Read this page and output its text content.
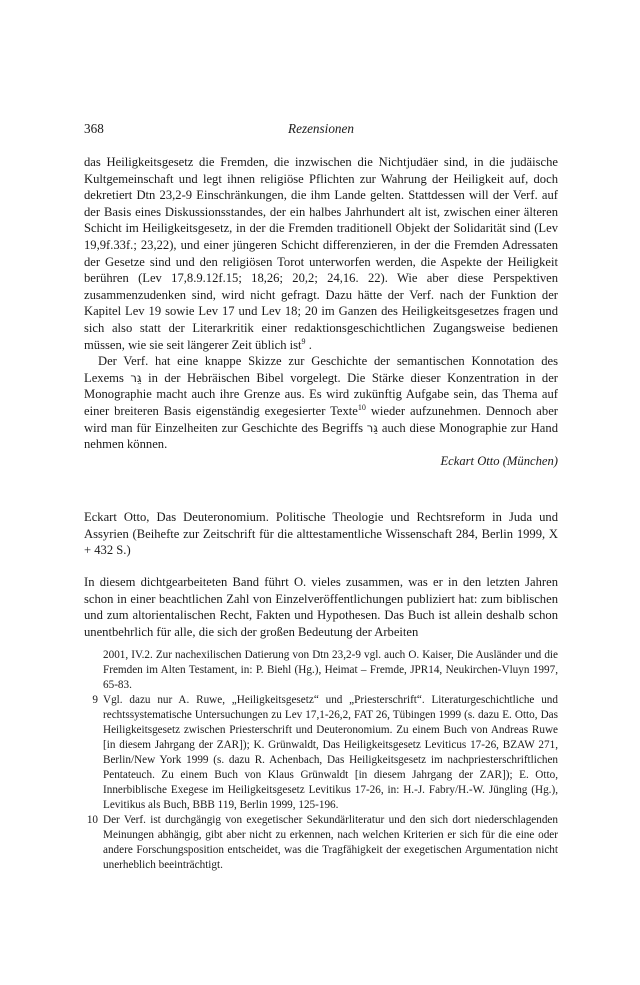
368	Rezensionen

das Heiligkeitsgesetz die Fremden, die inzwischen die Nichtjudäer sind, in die judäische Kultgemeinschaft und legt ihnen religiöse Pflichten zur Wahrung der Heiligkeit auf, doch dekretiert Dtn 23,2-9 Einschränkungen, die ihm Lande gelten. Stattdessen will der Verf. auf der Basis eines Diskussionsstandes, der ein halbes Jahrhundert alt ist, zwischen einer älteren Schicht im Heiligkeitsgesetz, in der die Fremden traditionell Objekt der Solidarität sind (Lev 19,9f.33f.; 23,22), und einer jüngeren Schicht differenzieren, in der die Fremden Adressaten der Gesetze sind und den religiösen Torot unterworfen werden, die Aspekte der Heiligkeit berühren (Lev 17,8.9.12f.15; 18,26; 20,2; 24,16. 22). Wie aber diese Perspektiven zusammenzudenken sind, wird nicht gefragt. Dazu hätte der Verf. nach der Funktion der Kapitel Lev 19 sowie Lev 17 und Lev 18; 20 im Ganzen des Heiligkeitsgesetzes fragen und sich also statt der Literarkritik einer redaktionsgeschichtlichen Zugangsweise bedienen müssen, wie sie seit längerer Zeit üblich ist$^9$ .

Der Verf. hat eine knappe Skizze zur Geschichte der semantischen Konnotation des Lexems גֵּר in der Hebräischen Bibel vorgelegt. Die Stärke dieser Konzentration in der Monographie macht auch ihre Grenze aus. Es wird zukünftig Aufgabe sein, das Thema auf einer breiteren Basis eigenständig exegesierter Texte$^{10}$ wieder aufzunehmen. Dennoch aber wird man für Einzelheiten zur Geschichte des Begriffs גֵּר auch diese Monographie zur Hand nehmen können.

Eckart Otto (München)

Eckart Otto, Das Deuteronomium. Politische Theologie und Rechtsreform in Juda und Assyrien (Beihefte zur Zeitschrift für die alttestamentliche Wissenschaft 284, Berlin 1999, X + 432 S.)

In diesem dichtgearbeiteten Band führt O. vieles zusammen, was er in den letzten Jahren schon in einer beachtlichen Zahl von Einzelveröffentlichungen publiziert hat: zum biblischen und zum altorientalischen Recht, Fakten und Hypothesen. Das Buch ist allein deshalb schon unentbehrlich für alle, die sich der großen Bedeutung der Arbeiten

2001, IV.2. Zur nachexilischen Datierung von Dtn 23,2-9 vgl. auch O. Kaiser, Die Ausländer und die Fremden im Alten Testament, in: P. Biehl (Hg.), Heimat – Fremde, JPR14, Neukirchen-Vluyn 1997, 65-83.

9 Vgl. dazu nur A. Ruwe, „Heiligkeitsgesetz“ und „Priesterschrift“. Literaturgeschichtliche und rechtssystematische Untersuchungen zu Lev 17,1-26,2, FAT 26, Tübingen 1999 (s. dazu E. Otto, Das Heiligkeitsgesetz zwischen Priesterschrift und Deuteronomium. Zu einem Buch von Andreas Ruwe [in diesem Jahrgang der ZAR]); K. Grünwaldt, Das Heiligkeitsgesetz Leviticus 17-26, BZAW 271, Berlin/New York 1999 (s. dazu R. Achenbach, Das Heiligkeitsgesetz im nachpriesterschriftlichen Pentateuch. Zu einem Buch von Klaus Grünwaldt [in diesem Jahrgang der ZAR]); E. Otto, Innerbiblische Exegese im Heiligkeitsgesetz Levitikus 17-26, in: H.-J. Fabry/H.-W. Jüngling (Hg.), Levitikus als Buch, BBB 119, Berlin 1999, 125-196.

10 Der Verf. ist durchgängig von exegetischer Sekundärliteratur und den sich dort niederschlagenden Meinungen abhängig, gibt aber nicht zu erkennen, nach welchen Kriterien er sich für die eine oder andere Forschungsposition entscheidet, was die Tragfähigkeit der exegetischen Argumentation nicht unerheblich beeinträchtigt.
